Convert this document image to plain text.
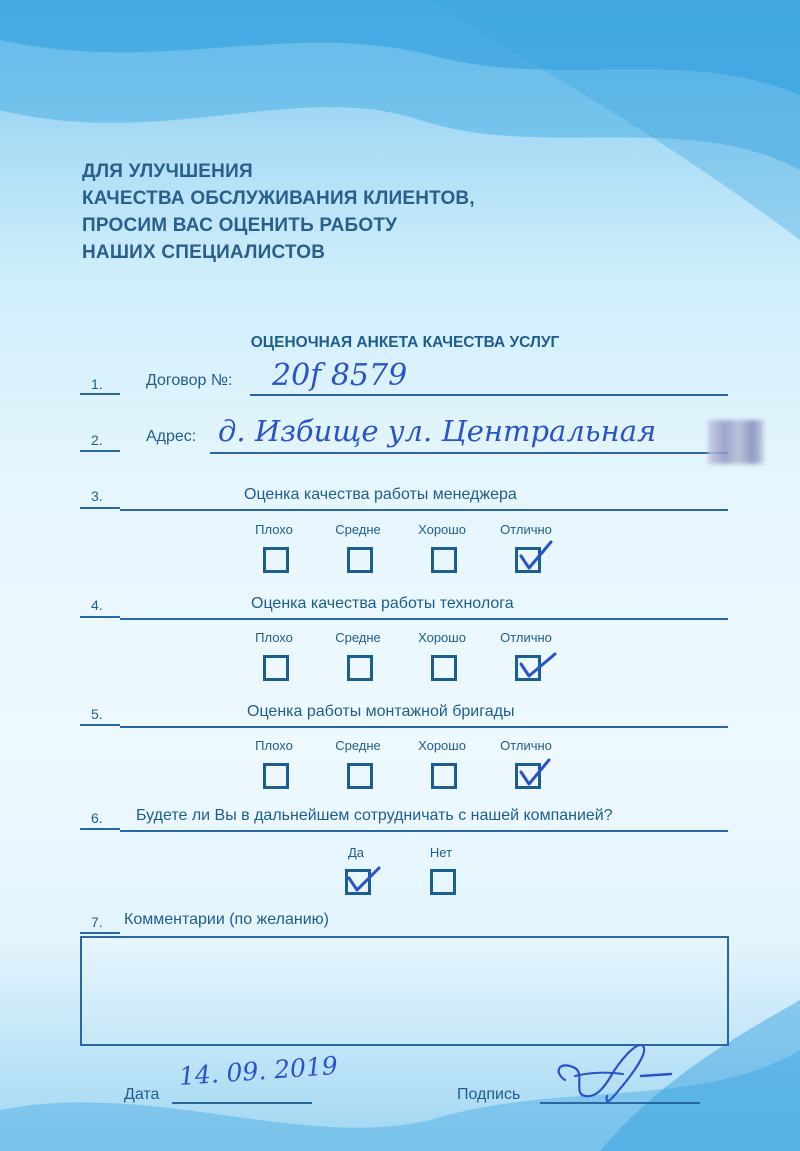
ДЛЯ УЛУЧШЕНИЯ
КАЧЕСТВА ОБСЛУЖИВАНИЯ КЛИЕНТОВ,
ПРОСИМ ВАС ОЦЕНИТЬ РАБОТУ
НАШИХ СПЕЦИАЛИСТОВ
ОЦЕНОЧНАЯ АНКЕТА КАЧЕСТВА УСЛУГ
1.	Договор №: 20f 8579
2.	Адрес: д. Избище ул. Центральная
3.	Оценка качества работы менеджера
Плохо	Средне	Хорошо	Отлично
4.	Оценка качества работы технолога
Плохо	Средне	Хорошо	Отлично
5.	Оценка работы монтажной бригады
Плохо	Средне	Хорошо	Отлично
6. Будете ли Вы в дальнейшем сотрудничать с нашей компанией?
Да	Нет
7. Комментарии (по желанию)
Дата
14. 09. 2019
Подпись
